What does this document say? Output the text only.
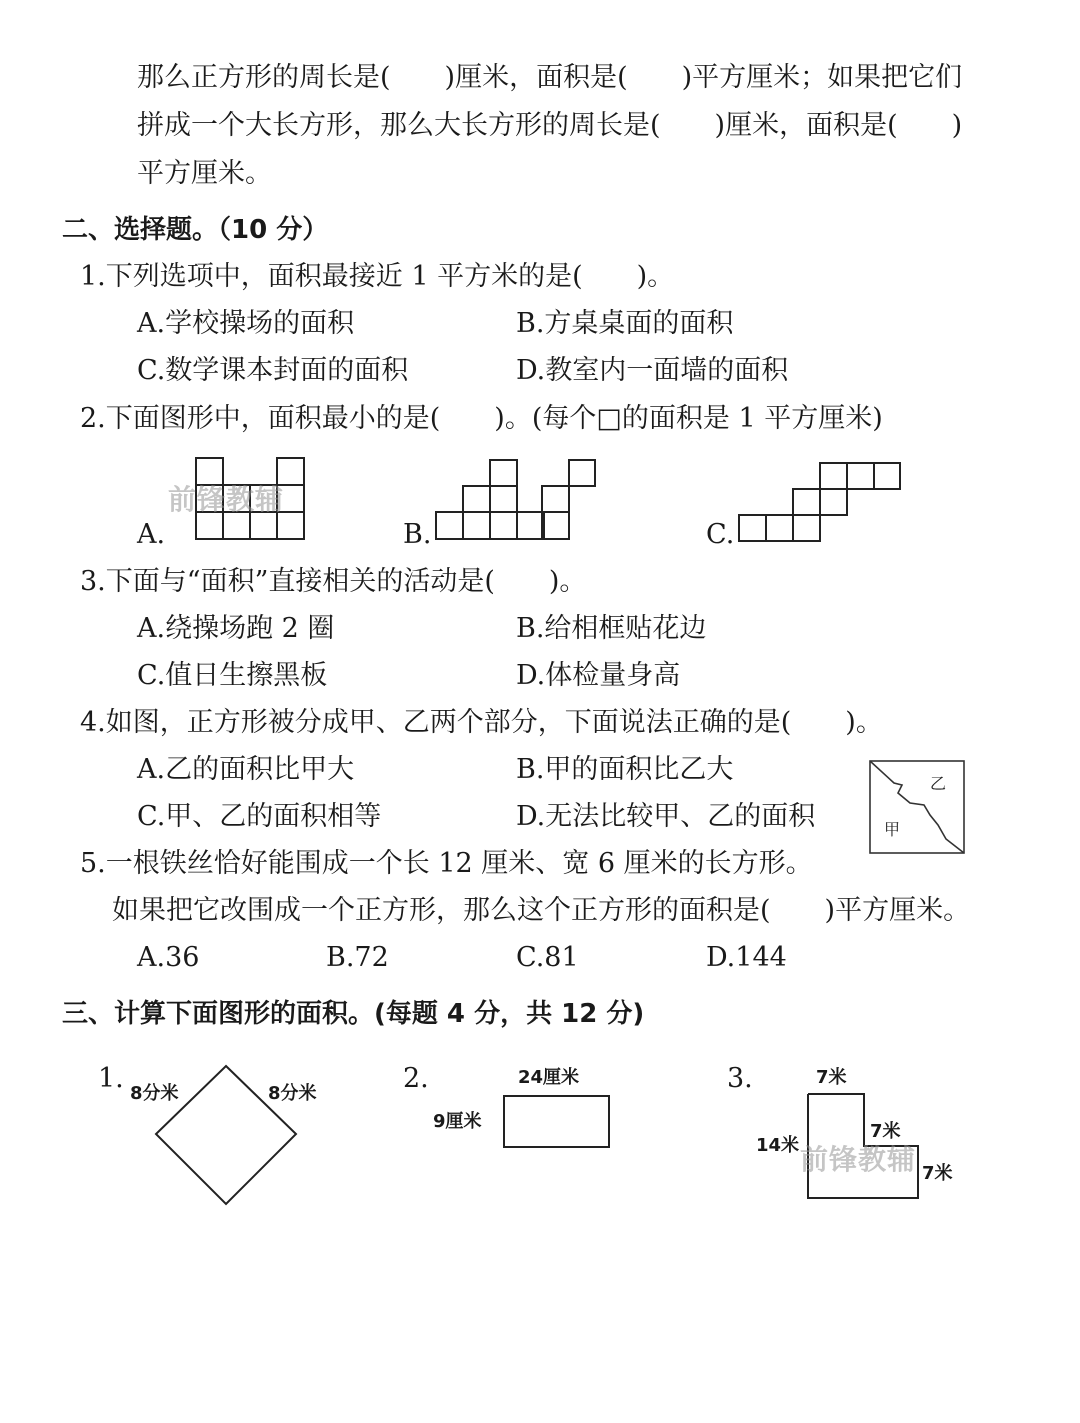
那么正方形的周长是(　　)厘米，面积是(　　)平方厘米；如果把它们
拼成一个大长方形，那么大长方形的周长是(　　)厘米，面积是(　　)
平方厘米。
二、选择题。（10 分）
1.下列选项中，面积最接近 1 平方米的是(　　)。
A.学校操场的面积	B.方桌桌面的面积
C.数学课本封面的面积	D.教室内一面墙的面积
2.下面图形中，面积最小的是(　　)。(每个□的面积是 1 平方厘米)
A.
前锋教辅
B.	C.
3.下面与“面积”直接相关的活动是(　　)。
A.绕操场跑 2 圈	B.给相框贴花边
C.值日生擦黑板	D.体检量身高
4.如图，正方形被分成甲、乙两个部分，下面说法正确的是(　　)。
A.乙的面积比甲大	B.甲的面积比乙大
C.甲、乙的面积相等	D.无法比较甲、乙的面积
乙
甲
5.一根铁丝恰好能围成一个长 12 厘米、宽 6 厘米的长方形。
如果把它改围成一个正方形，那么这个正方形的面积是(　　)平方厘米。
A.36	B.72	C.81	D.144
三、计算下面图形的面积。(每题 4 分，共 12 分)
1. 8分米	8分米	2.	24厘米
9厘米
3.	7米
14米
7米
7米
前锋教辅
